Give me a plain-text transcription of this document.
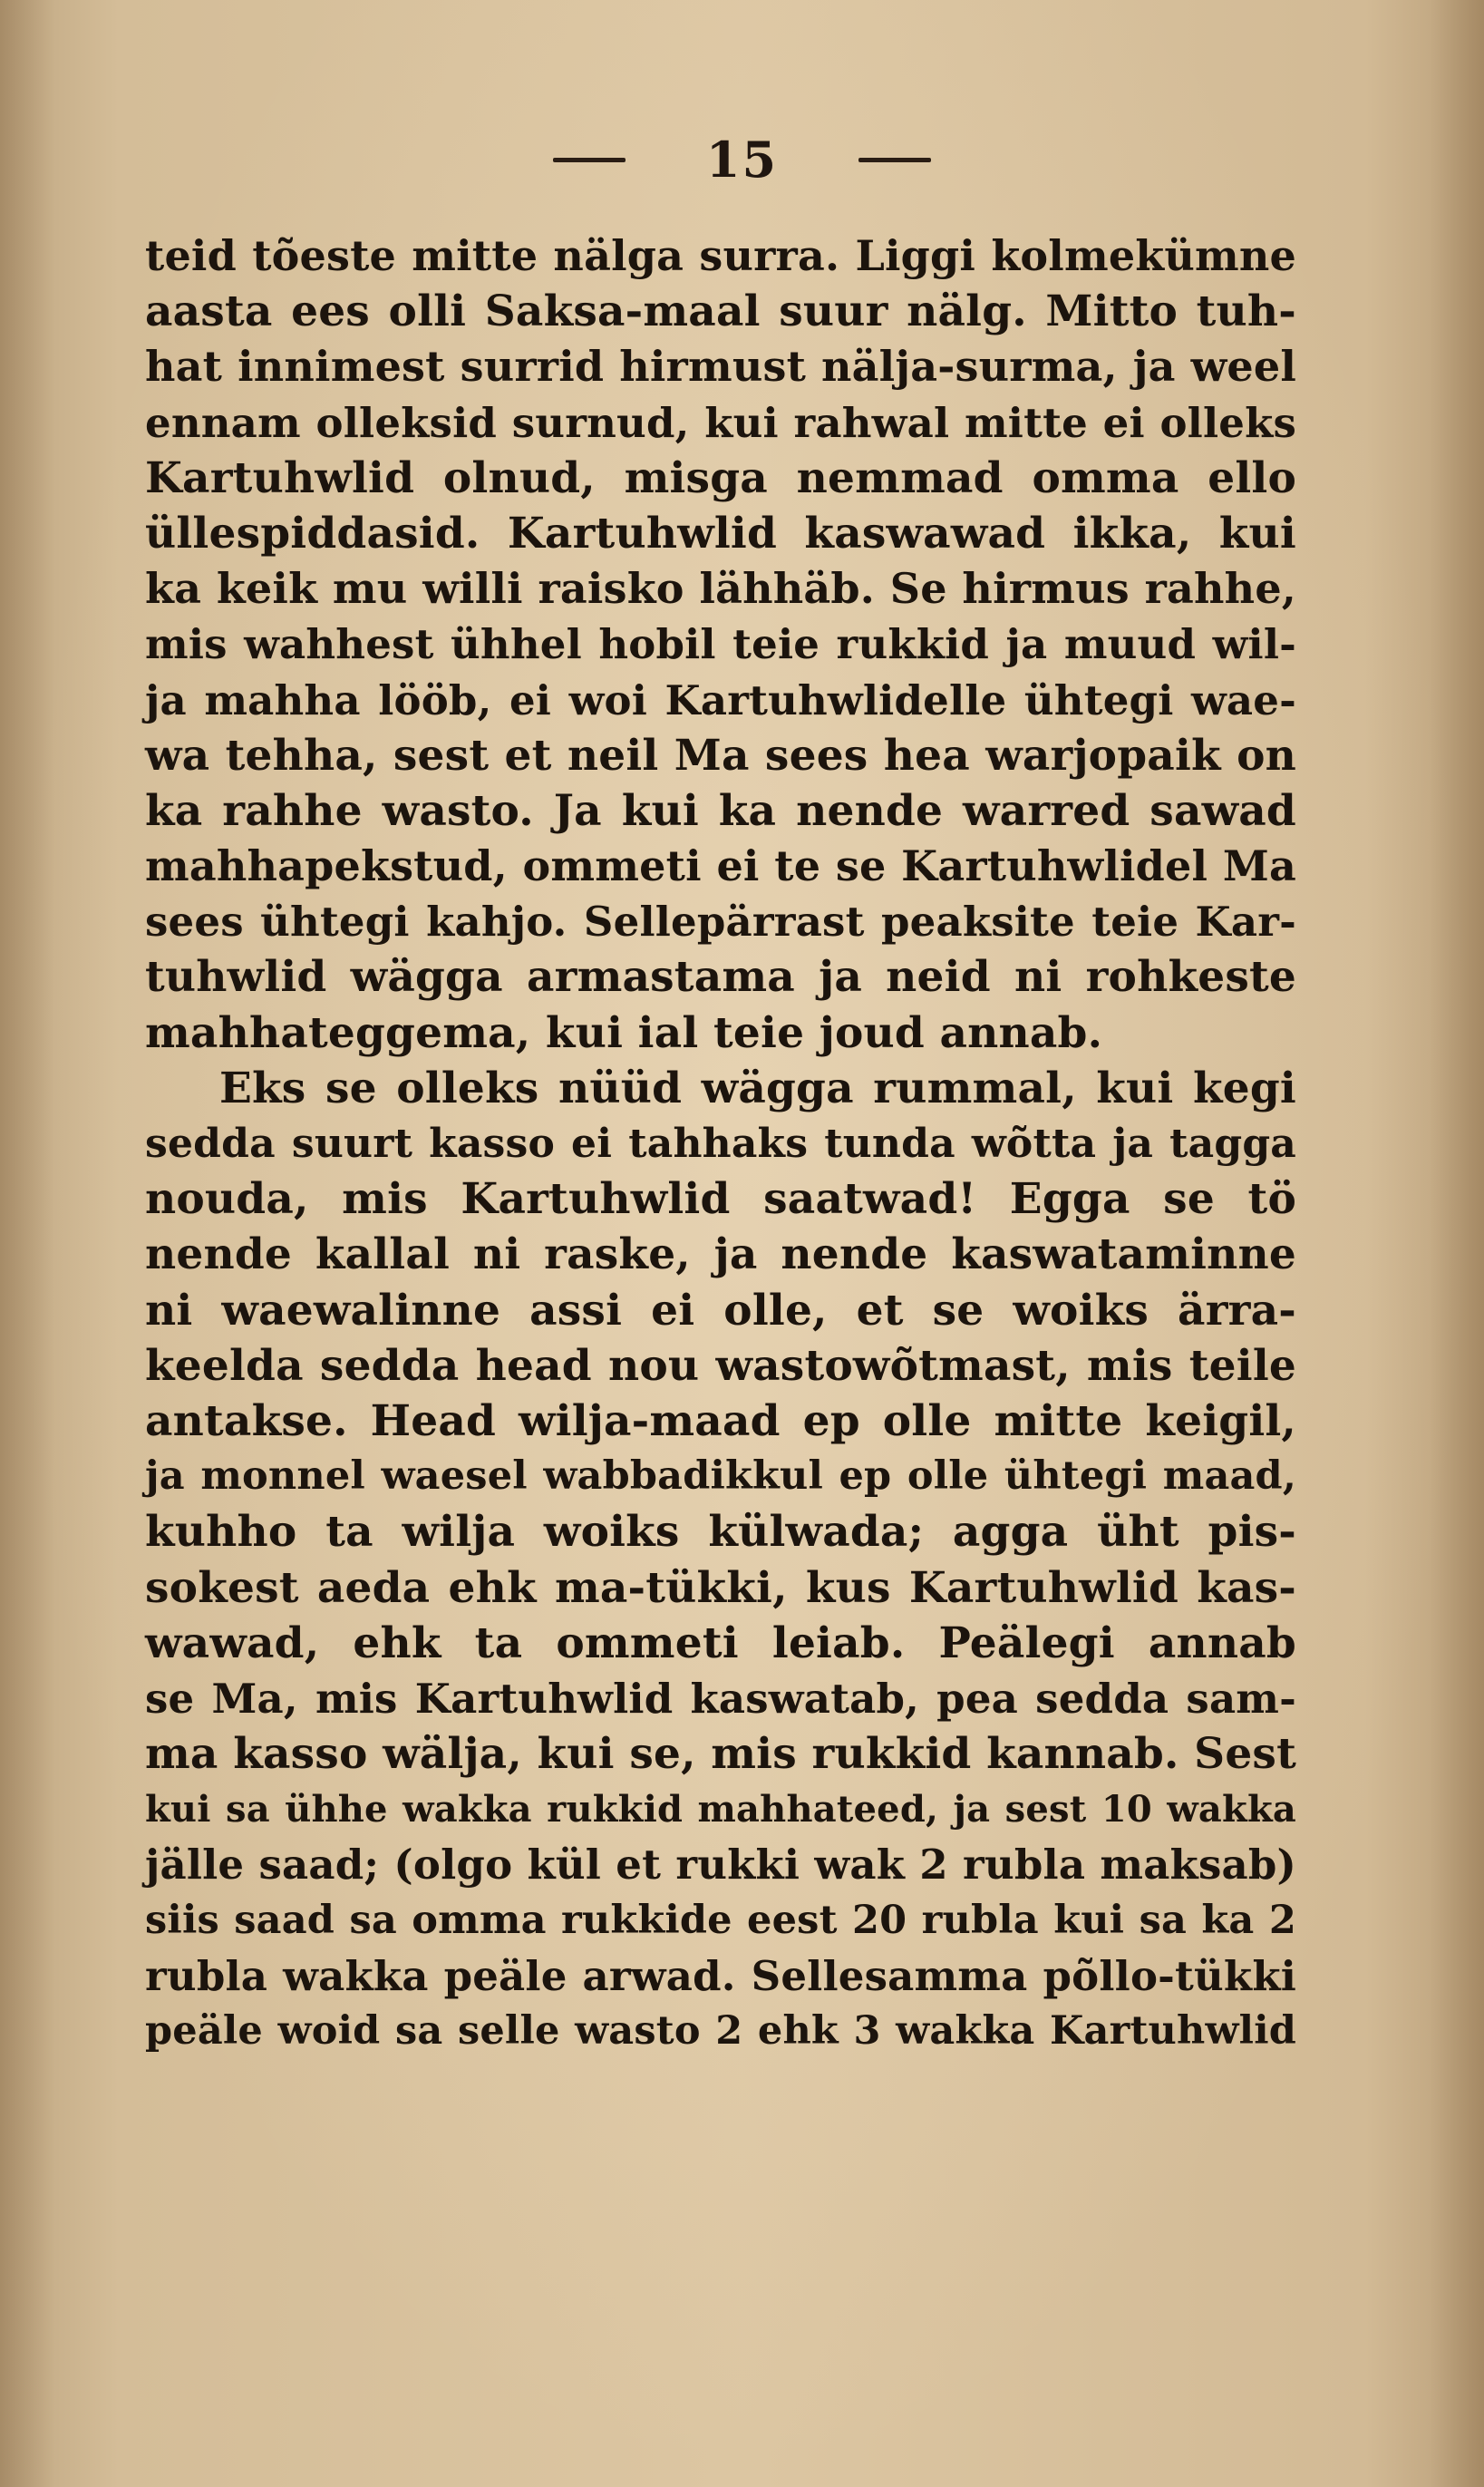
15
teid tõeste mitte nälga surra. Liggi kolmekümne
aasta ees olli Saksa-maal suur nälg. Mitto tuh-
hat innimest surrid hirmust nälja-surma, ja weel
ennam olleksid surnud, kui rahwal mitte ei olleks
Kartuhwlid olnud, misga nemmad omma ello
üllespiddasid. Kartuhwlid kaswawad ikka, kui
ka keik mu willi raisko lähhäb. Se hirmus rahhe,
mis wahhest ühhel hobil teie rukkid ja muud wil-
ja mahha lööb, ei woi Kartuhwlidelle ühtegi wae-
wa tehha, sest et neil Ma sees hea warjopaik on
ka rahhe wasto. Ja kui ka nende warred sawad
mahhapekstud, ommeti ei te se Kartuhwlidel Ma
sees ühtegi kahjo. Sellepärrast peaksite teie Kar-
tuhwlid wägga armastama ja neid ni rohkeste
mahhateggema, kui ial teie joud annab.
Eks se olleks nüüd wägga rummal, kui kegi
sedda suurt kasso ei tahhaks tunda wõtta ja tagga
nouda, mis Kartuhwlid saatwad! Egga se tö
nende kallal ni raske, ja nende kaswataminne
ni waewalinne assi ei olle, et se woiks ärra-
keelda sedda head nou wastowõtmast, mis teile
antakse. Head wilja-maad ep olle mitte keigil,
ja monnel waesel wabbadikkul ep olle ühtegi maad,
kuhho ta wilja woiks külwada; agga üht pis-
sokest aeda ehk ma-tükki, kus Kartuhwlid kas-
wawad, ehk ta ommeti leiab. Peälegi annab
se Ma, mis Kartuhwlid kaswatab, pea sedda sam-
ma kasso wälja, kui se, mis rukkid kannab. Sest
kui sa ühhe wakka rukkid mahhateed, ja sest 10 wakka
jälle saad; (olgo kül et rukki wak 2 rubla maksab)
siis saad sa omma rukkide eest 20 rubla kui sa ka 2
rubla wakka peäle arwad. Sellesamma põllo-tükki
peäle woid sa selle wasto 2 ehk 3 wakka Kartuhwlid
